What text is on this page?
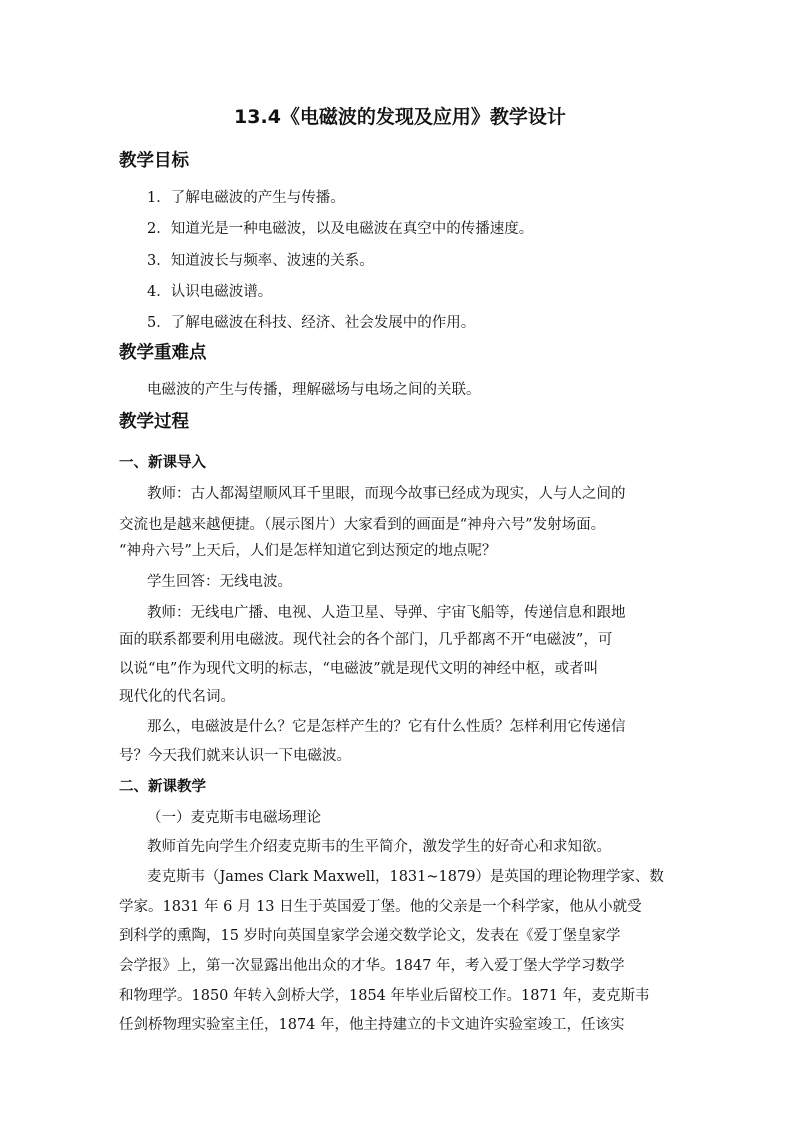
13.4《电磁波的发现及应用》教学设计
教学目标

1．了解电磁波的产生与传播。

2．知道光是一种电磁波，以及电磁波在真空中的传播速度。

3．知道波长与频率、波速的关系。

4．认识电磁波谱。

5．了解电磁波在科技、经济、社会发展中的作用。

教学重难点

电磁波的产生与传播，理解磁场与电场之间的关联。

教学过程
一、新课导入

教师：古人都渴望顺风耳千里眼，而现今故事已经成为现实，人与人之间的

交流也是越来越便捷。（展示图片）大家看到的画面是“神舟六号”发射场面。

“神舟六号”上天后，人们是怎样知道它到达预定的地点呢？

学生回答：无线电波。

教师：无线电广播、电视、人造卫星、导弹、宇宙飞船等，传递信息和跟地

面的联系都要利用电磁波。现代社会的各个部门，几乎都离不开“电磁波”，可

以说“电”作为现代文明的标志，“电磁波”就是现代文明的神经中枢，或者叫

现代化的代名词。

那么，电磁波是什么？它是怎样产生的？它有什么性质？怎样利用它传递信

号？今天我们就来认识一下电磁波。

二、新课教学

（一）麦克斯韦电磁场理论

教师首先向学生介绍麦克斯韦的生平简介，激发学生的好奇心和求知欲。

麦克斯韦（James Clark Maxwell，1831~1879）是英国的理论物理学家、数

学家。1831 年 6 月 13 日生于英国爱丁堡。他的父亲是一个科学家，他从小就受

到科学的熏陶，15 岁时向英国皇家学会递交数学论文，发表在《爱丁堡皇家学

会学报》上，第一次显露出他出众的才华。1847 年，考入爱丁堡大学学习数学

和物理学。1850 年转入剑桥大学，1854 年毕业后留校工作。1871 年，麦克斯韦

任剑桥物理实验室主任，1874 年，他主持建立的卡文迪许实验室竣工，任该实
